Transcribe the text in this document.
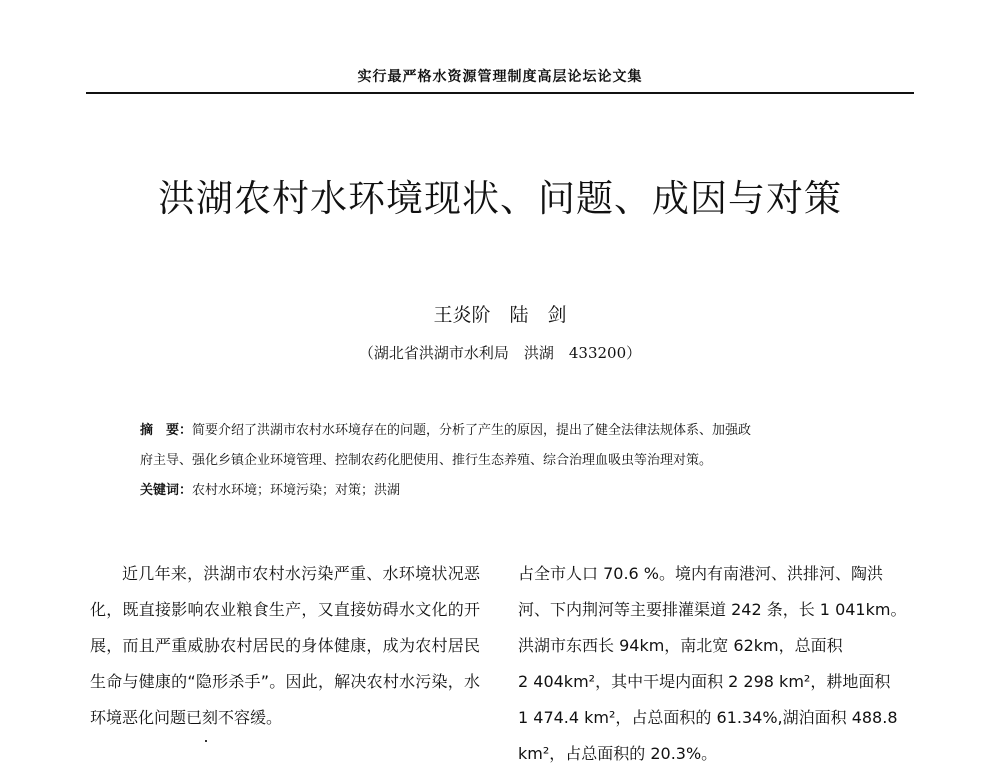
实行最严格水资源管理制度高层论坛论文集
洪湖农村水环境现状、问题、成因与对策
王炎阶　陆　剑
（湖北省洪湖市水利局　洪湖　433200）
摘　要：简要介绍了洪湖市农村水环境存在的问题，分析了产生的原因，提出了健全法律法规体系、加强政
府主导、强化乡镇企业环境管理、控制农药化肥使用、推行生态养殖、综合治理血吸虫等治理对策。
关键词：农村水环境；环境污染；对策；洪湖
近几年来，洪湖市农村水污染严重、水环境状况恶化，既直接影响农业粮食生产，又直接妨碍水文化的开展，而且严重威胁农村居民的身体健康，成为农村居民生命与健康的“隐形杀手”。因此，解决农村水污染，水环境恶化问题已刻不容缓。
占全市人口 70.6 %。境内有南港河、洪排河、陶洪
河、下内荆河等主要排灌渠道 242 条，长 1 041km。
洪湖市东西长 94km，南北宽 62km，总面积
2 404km²，其中干堤内面积 2 298 km²，耕地面积
1 474.4 km²，占总面积的 61.34%,湖泊面积 488.8
km²，占总面积的 20.3%。
